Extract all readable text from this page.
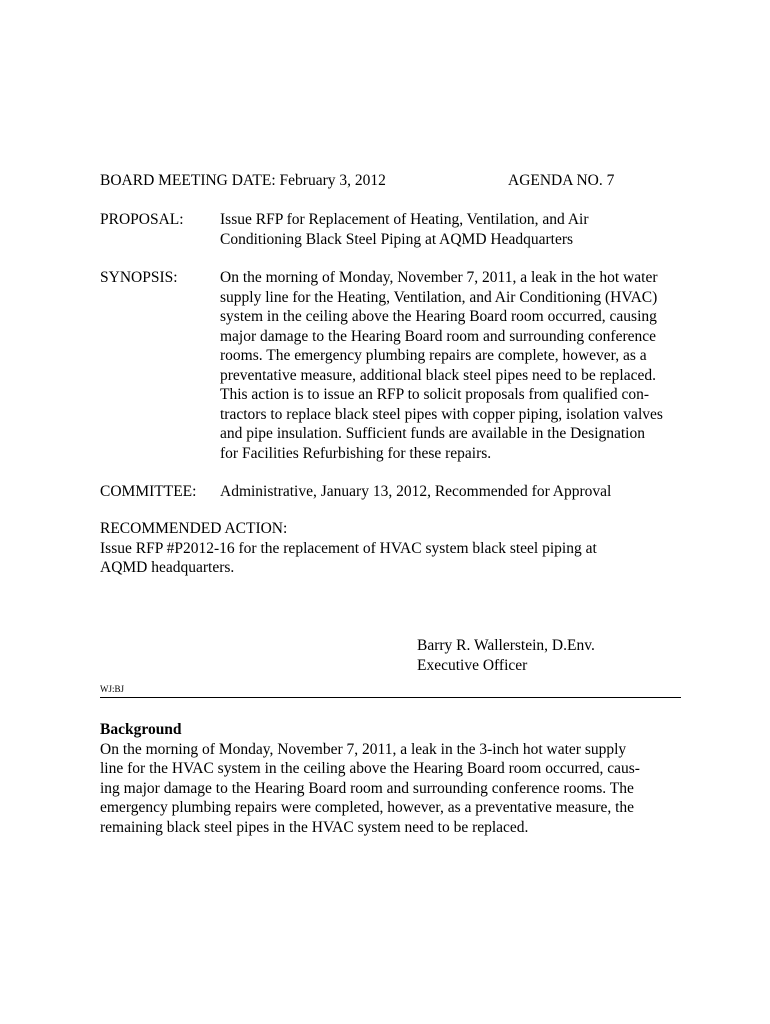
BOARD MEETING DATE: February 3, 2012	AGENDA NO. 7
PROPOSAL: Issue RFP for Replacement of Heating, Ventilation, and Air
Conditioning Black Steel Piping at AQMD Headquarters
SYNOPSIS:	On the morning of Monday, November 7, 2011, a leak in the hot water
supply line for the Heating, Ventilation, and Air Conditioning (HVAC)
system in the ceiling above the Hearing Board room occurred, causing
major damage to the Hearing Board room and surrounding conference
rooms. The emergency plumbing repairs are complete, however, as a
preventative measure, additional black steel pipes need to be replaced.
This action is to issue an RFP to solicit proposals from qualified con-
tractors to replace black steel pipes with copper piping, isolation valves
and pipe insulation. Sufficient funds are available in the Designation
for Facilities Refurbishing for these repairs.
COMMITTEE: Administrative, January 13, 2012, Recommended for Approval
RECOMMENDED ACTION:
Issue RFP #P2012-16 for the replacement of HVAC system black steel piping at
AQMD headquarters.
Barry R. Wallerstein, D.Env.
Executive Officer
WJ:BJ
Background
On the morning of Monday, November 7, 2011, a leak in the 3-inch hot water supply
line for the HVAC system in the ceiling above the Hearing Board room occurred, caus-
ing major damage to the Hearing Board room and surrounding conference rooms. The
emergency plumbing repairs were completed, however, as a preventative measure, the
remaining black steel pipes in the HVAC system need to be replaced.
